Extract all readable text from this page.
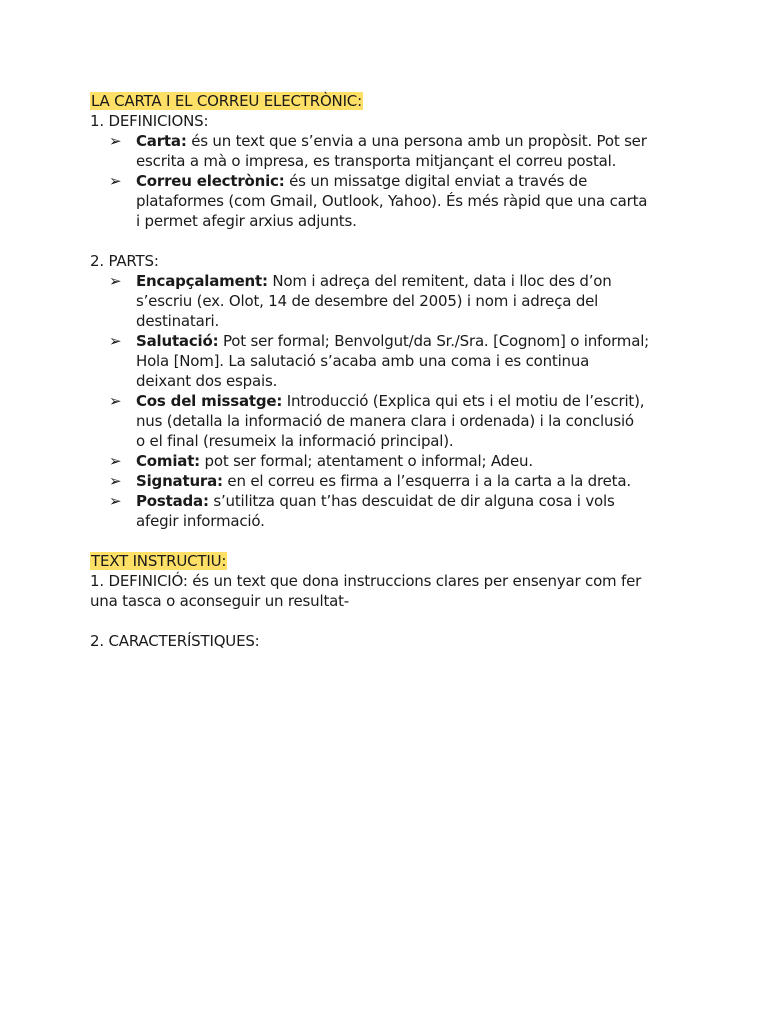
LA CARTA I EL CORREU ELECTRÒNIC:
1. DEFINICIONS:
➢ Carta: és un text que s’envia a una persona amb un propòsit. Pot ser
escrita a mà o impresa, es transporta mitjançant el correu postal.
➢ Correu electrònic: és un missatge digital enviat a través de
plataformes (com Gmail, Outlook, Yahoo). És més ràpid que una carta
i permet afegir arxius adjunts.
2. PARTS:
➢ Encapçalament: Nom i adreça del remitent, data i lloc des d’on
s’escriu (ex. Olot, 14 de desembre del 2005) i nom i adreça del
destinatari.
➢ Salutació: Pot ser formal; Benvolgut/da Sr./Sra. [Cognom] o informal;
Hola [Nom]. La salutació s’acaba amb una coma i es continua
deixant dos espais.
➢ Cos del missatge: Introducció (Explica qui ets i el motiu de l’escrit),
nus (detalla la informació de manera clara i ordenada) i la conclusió
o el final (resumeix la informació principal).
➢ Comiat: pot ser formal; atentament o informal; Adeu.
➢ Signatura: en el correu es firma a l’esquerra i a la carta a la dreta.
➢ Postada: s’utilitza quan t’has descuidat de dir alguna cosa i vols
afegir informació.
TEXT INSTRUCTIU:
1. DEFINICIÓ: és un text que dona instruccions clares per ensenyar com fer
una tasca o aconseguir un resultat-
2. CARACTERÍSTIQUES:
